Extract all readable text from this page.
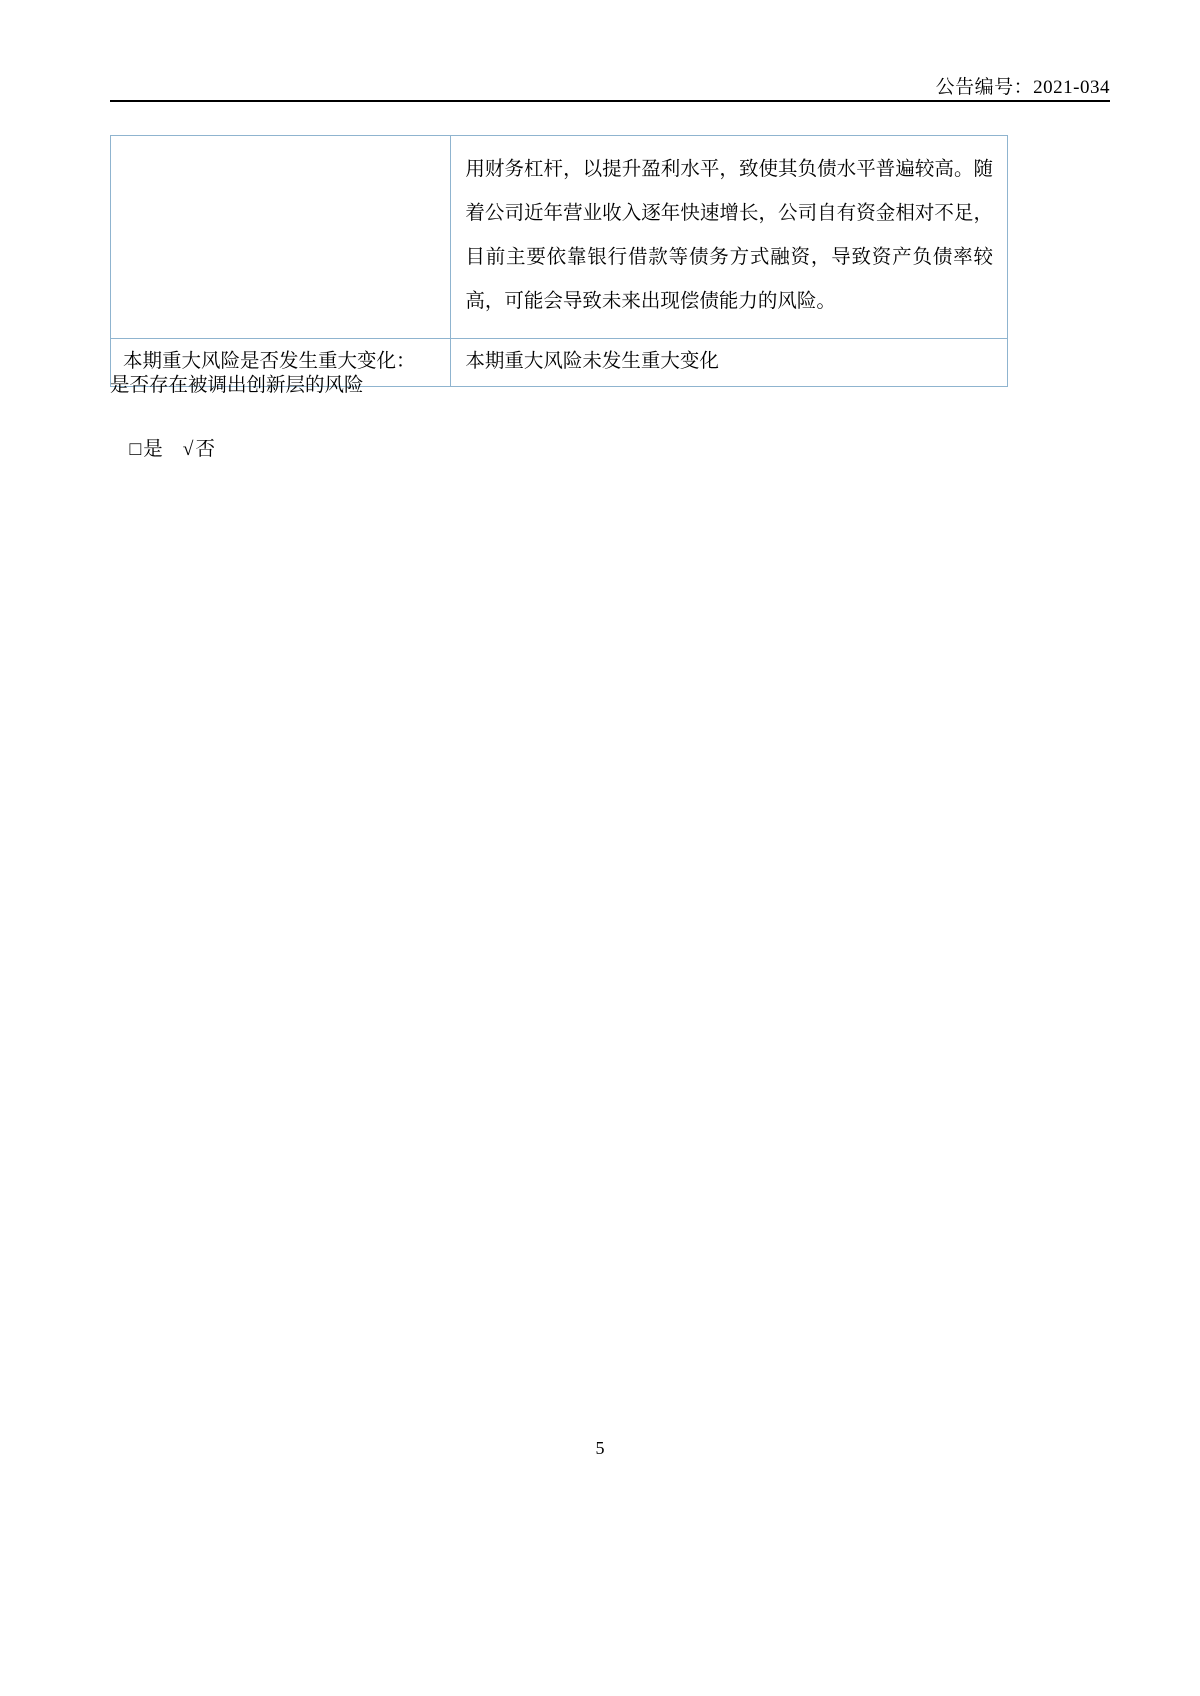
公告编号：2021-034

	用财务杠杆，以提升盈利水平，致使其负债水平普遍较高。随着公司近年营业收入逐年快速增长，公司自有资金相对不足，目前主要依靠银行借款等债务方式融资，导致资产负债率较高，可能会导致未来出现偿债能力的风险。

本期重大风险是否发生重大变化：	本期重大风险未发生重大变化

是否存在被调出创新层的风险

□ 是 √ 否

5
